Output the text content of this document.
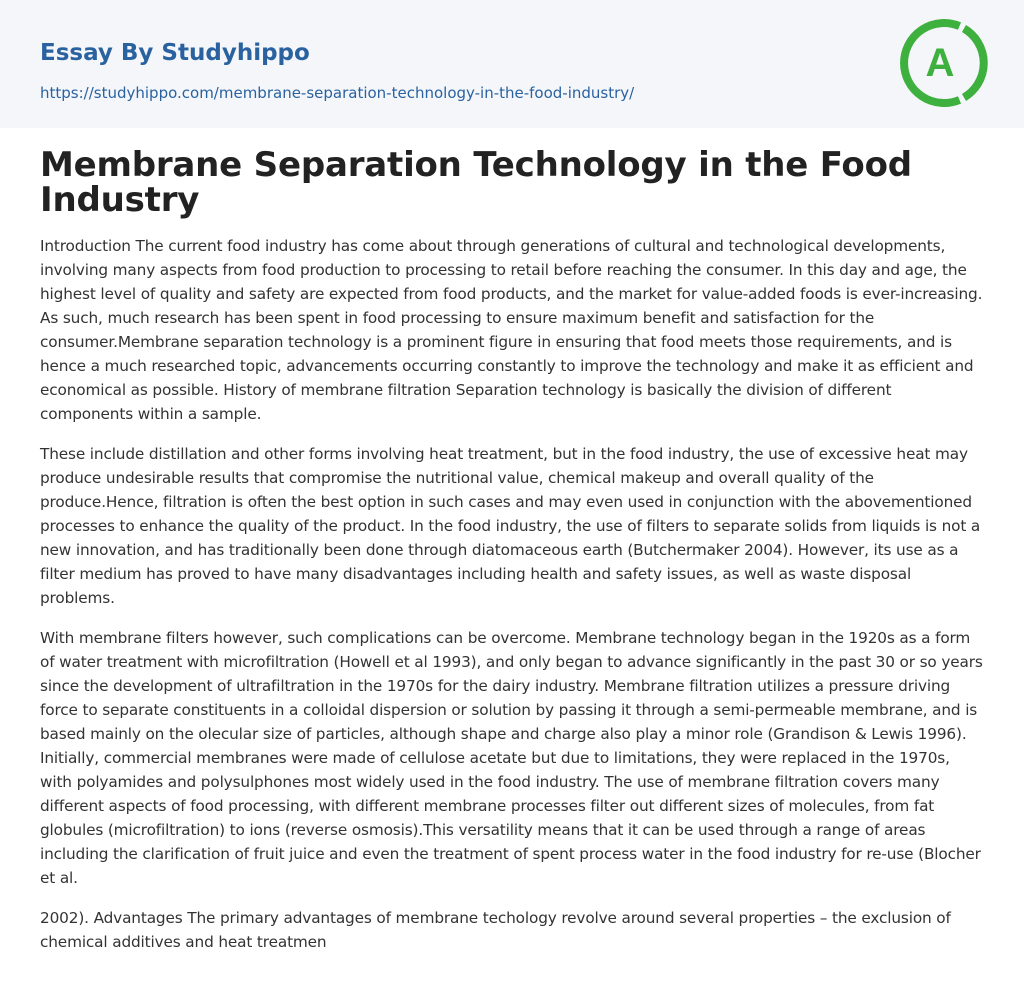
Essay By Studyhippo
https://studyhippo.com/membrane-separation-technology-in-the-food-industry/
A
Membrane Separation Technology in the Food Industry

Introduction The current food industry has come about through generations of cultural and technological developments, involving many aspects from food production to processing to retail before reaching the consumer. In this day and age, the highest level of quality and safety are expected from food products, and the market for value-added foods is ever-increasing. As such, much research has been spent in food processing to ensure maximum benefit and satisfaction for the consumer.Membrane separation technology is a prominent figure in ensuring that food meets those requirements, and is hence a much researched topic, advancements occurring constantly to improve the technology and make it as efficient and economical as possible. History of membrane filtration Separation technology is basically the division of different components within a sample.

These include distillation and other forms involving heat treatment, but in the food industry, the use of excessive heat may produce undesirable results that compromise the nutritional value, chemical makeup and overall quality of the produce.Hence, filtration is often the best option in such cases and may even used in conjunction with the abovementioned processes to enhance the quality of the product. In the food industry, the use of filters to separate solids from liquids is not a new innovation, and has traditionally been done through diatomaceous earth (Butchermaker 2004). However, its use as a filter medium has proved to have many disadvantages including health and safety issues, as well as waste disposal problems.

With membrane filters however, such complications can be overcome. Membrane technology began in the 1920s as a form of water treatment with microfiltration (Howell et al 1993), and only began to advance significantly in the past 30 or so years since the development of ultrafiltration in the 1970s for the dairy industry. Membrane filtration utilizes a pressure driving force to separate constituents in a colloidal dispersion or solution by passing it through a semi-permeable membrane, and is based mainly on the olecular size of particles, although shape and charge also play a minor role (Grandison & Lewis 1996). Initially, commercial membranes were made of cellulose acetate but due to limitations, they were replaced in the 1970s, with polyamides and polysulphones most widely used in the food industry. The use of membrane filtration covers many different aspects of food processing, with different membrane processes filter out different sizes of molecules, from fat globules (microfiltration) to ions (reverse osmosis).This versatility means that it can be used through a range of areas including the clarification of fruit juice and even the treatment of spent process water in the food industry for re-use (Blocher et al.

2002). Advantages The primary advantages of membrane techology revolve around several properties – the exclusion of chemical additives and heat treatmen
